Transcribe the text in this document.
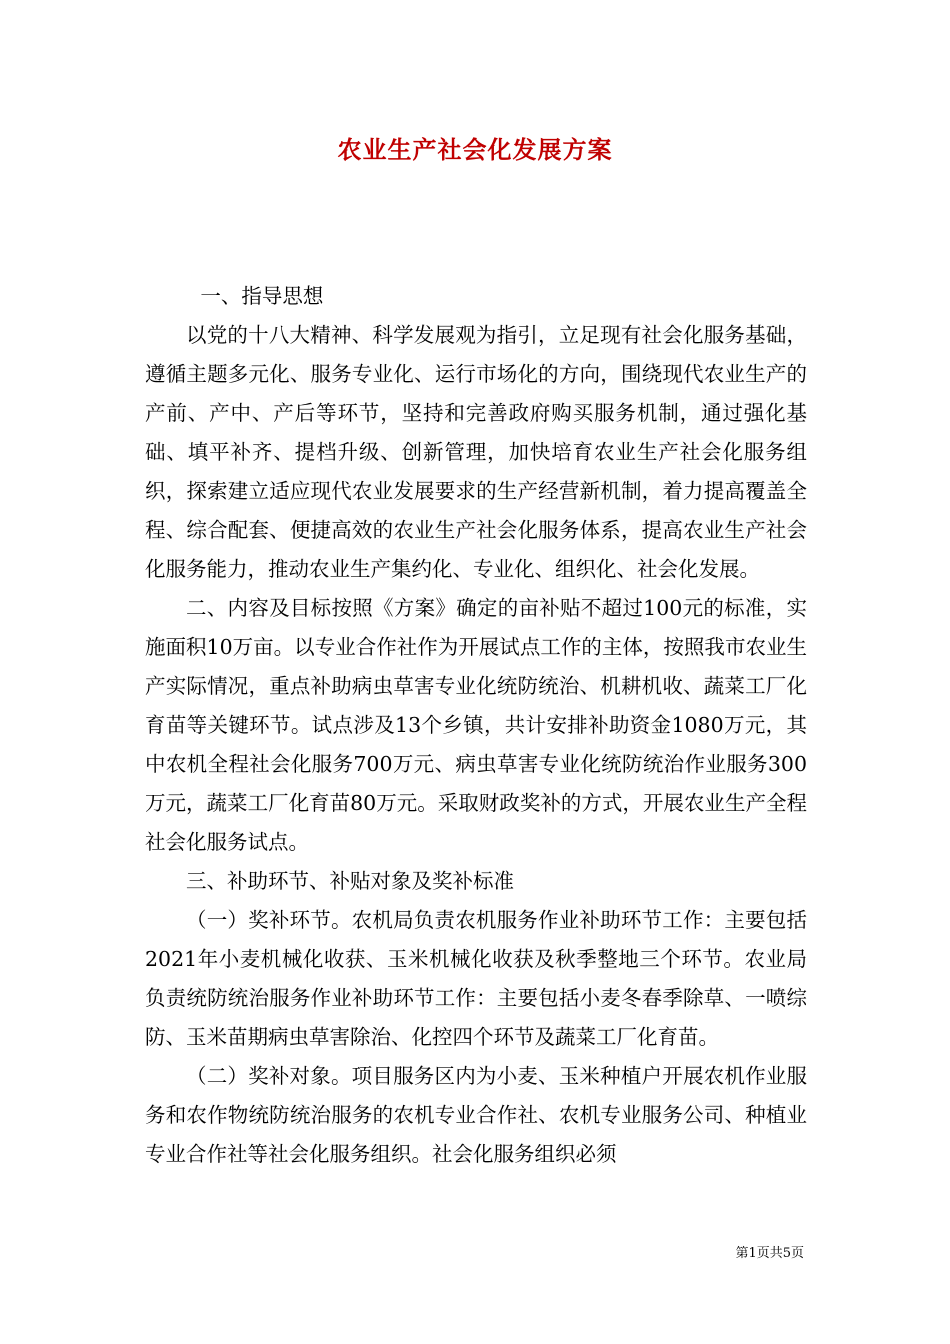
农业生产社会化发展方案

一、指导思想

以党的十八大精神、科学发展观为指引，立足现有社会化服务基础，遵循主题多元化、服务专业化、运行市场化的方向，围绕现代农业生产的产前、产中、产后等环节，坚持和完善政府购买服务机制，通过强化基础、填平补齐、提档升级、创新管理，加快培育农业生产社会化服务组织，探索建立适应现代农业发展要求的生产经营新机制，着力提高覆盖全程、综合配套、便捷高效的农业生产社会化服务体系，提高农业生产社会化服务能力，推动农业生产集约化、专业化、组织化、社会化发展。

二、内容及目标按照《方案》确定的亩补贴不超过100元的标准，实施面积10万亩。以专业合作社作为开展试点工作的主体，按照我市农业生产实际情况，重点补助病虫草害专业化统防统治、机耕机收、蔬菜工厂化育苗等关键环节。试点涉及13个乡镇，共计安排补助资金1080万元，其中农机全程社会化服务700万元、病虫草害专业化统防统治作业服务300万元，蔬菜工厂化育苗80万元。采取财政奖补的方式，开展农业生产全程社会化服务试点。

三、补助环节、补贴对象及奖补标准

（一）奖补环节。农机局负责农机服务作业补助环节工作：主要包括2021年小麦机械化收获、玉米机械化收获及秋季整地三个环节。农业局负责统防统治服务作业补助环节工作：主要包括小麦冬春季除草、一喷综防、玉米苗期病虫草害除治、化控四个环节及蔬菜工厂化育苗。

（二）奖补对象。项目服务区内为小麦、玉米种植户开展农机作业服务和农作物统防统治服务的农机专业合作社、农机专业服务公司、种植业专业合作社等社会化服务组织。社会化服务组织必须

第1页共5页
